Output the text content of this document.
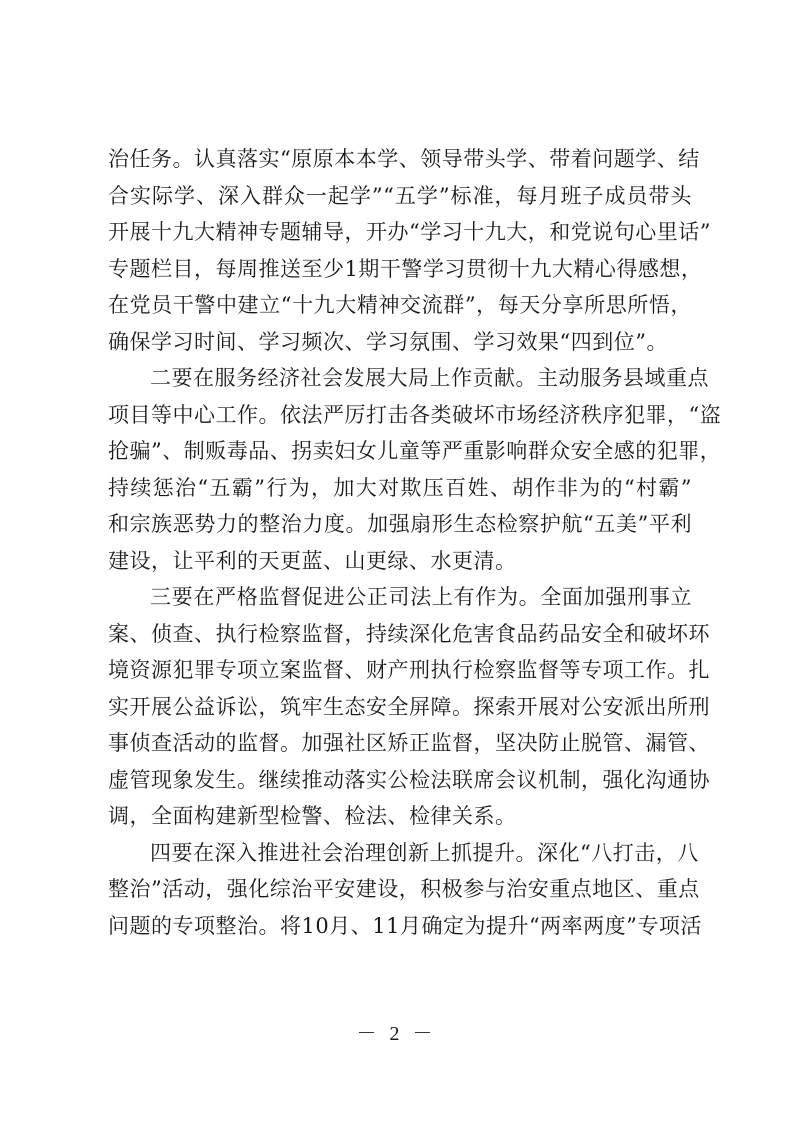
治任务。认真落实“原原本本学、领导带头学、带着问题学、结
合实际学、深入群众一起学”“五学”标准，每月班子成员带头
开展十九大精神专题辅导，开办“学习十九大，和党说句心里话”
专题栏目，每周推送至少1期干警学习贯彻十九大精心得感想，
在党员干警中建立“十九大精神交流群”，每天分享所思所悟，
确保学习时间、学习频次、学习氛围、学习效果“四到位”。
二要在服务经济社会发展大局上作贡献。主动服务县域重点
项目等中心工作。依法严厉打击各类破坏市场经济秩序犯罪，“盗
抢骗”、制贩毒品、拐卖妇女儿童等严重影响群众安全感的犯罪，
持续惩治“五霸”行为，加大对欺压百姓、胡作非为的“村霸”
和宗族恶势力的整治力度。加强扇形生态检察护航“五美”平利
建设，让平利的天更蓝、山更绿、水更清。
三要在严格监督促进公正司法上有作为。全面加强刑事立
案、侦查、执行检察监督，持续深化危害食品药品安全和破坏环
境资源犯罪专项立案监督、财产刑执行检察监督等专项工作。扎
实开展公益诉讼，筑牢生态安全屏障。探索开展对公安派出所刑
事侦查活动的监督。加强社区矫正监督，坚决防止脱管、漏管、
虚管现象发生。继续推动落实公检法联席会议机制，强化沟通协
调，全面构建新型检警、检法、检律关系。
四要在深入推进社会治理创新上抓提升。深化“八打击，八
整治”活动，强化综治平安建设，积极参与治安重点地区、重点
问题的专项整治。将10月、11月确定为提升“两率两度”专项活
－ 2 －
